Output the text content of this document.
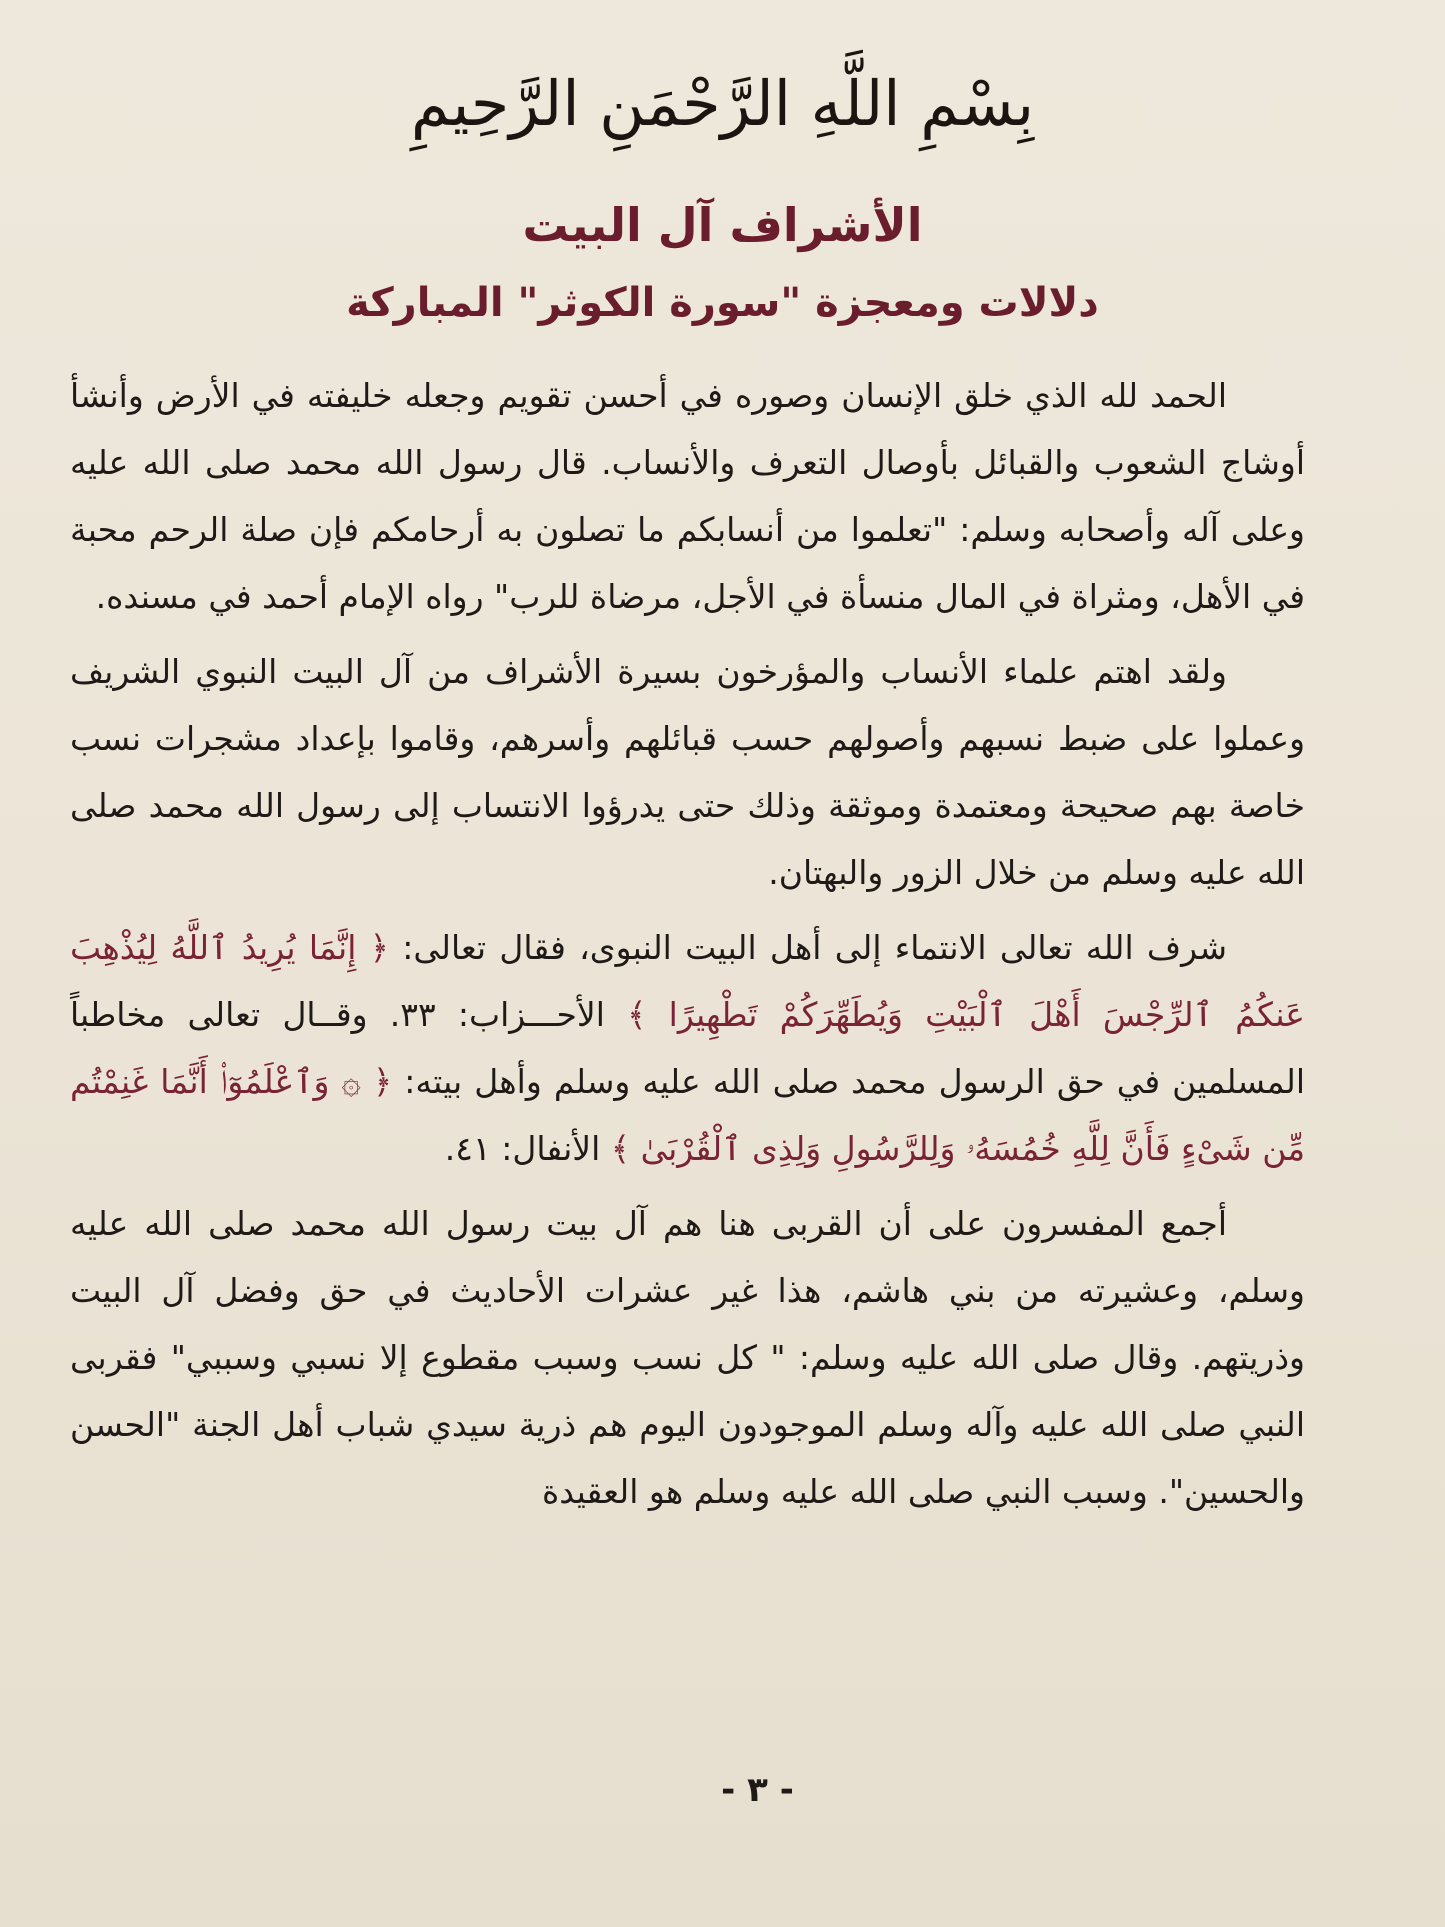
بِسْمِ اللَّهِ الرَّحْمَنِ الرَّحِيمِ
الأشراف آل البيت
دلالات ومعجزة "سورة الكوثر" المباركة

الحمد لله الذي خلق الإنسان وصوره في أحسن تقويم وجعله خليفته في الأرض وأنشأ أوشاج الشعوب والقبائل بأوصال التعرف والأنساب. قال رسول الله محمد صلى الله عليه وعلى آله وأصحابه وسلم: "تعلموا من أنسابكم ما تصلون به أرحامكم فإن صلة الرحم محبة في الأهل، ومثراة في المال منسأة في الأجل، مرضاة للرب" رواه الإمام أحمد في مسنده.

ولقد اهتم علماء الأنساب والمؤرخون بسيرة الأشراف من آل البيت النبوي الشريف وعملوا على ضبط نسبهم وأصولهم حسب قبائلهم وأسرهم، وقاموا بإعداد مشجرات نسب خاصة بهم صحيحة ومعتمدة وموثقة وذلك حتى يدرؤوا الانتساب إلى رسول الله محمد صلى الله عليه وسلم من خلال الزور والبهتان.

شرف الله تعالى الانتماء إلى أهل البيت النبوى، فقال تعالى: ﴿ إِنَّمَا يُرِيدُ ٱللَّهُ لِيُذْهِبَ عَنكُمُ ٱلرِّجْسَ أَهْلَ ٱلْبَيْتِ وَيُطَهِّرَكُمْ تَطْهِيرًا ﴾ الأحـــزاب: ٣٣. وقــال تعالى مخاطباً المسلمين في حق الرسول محمد صلى الله عليه وسلم وأهل بيته: ﴿ ۞ وَٱعْلَمُوٓا۟ أَنَّمَا غَنِمْتُم مِّن شَىْءٍ فَأَنَّ لِلَّهِ خُمُسَهُۥ وَلِلرَّسُولِ وَلِذِى ٱلْقُرْبَىٰ ﴾ الأنفال: ٤١.

أجمع المفسرون على أن القربى هنا هم آل بيت رسول الله محمد صلى الله عليه وسلم، وعشيرته من بني هاشم، هذا غير عشرات الأحاديث في حق وفضل آل البيت وذريتهم. وقال صلى الله عليه وسلم: " كل نسب وسبب مقطوع إلا نسبي وسببي" فقربى النبي صلى الله عليه وآله وسلم الموجودون اليوم هم ذرية سيدي شباب أهل الجنة "الحسن والحسين". وسبب النبي صلى الله عليه وسلم هو العقيدة

- ٣ -
